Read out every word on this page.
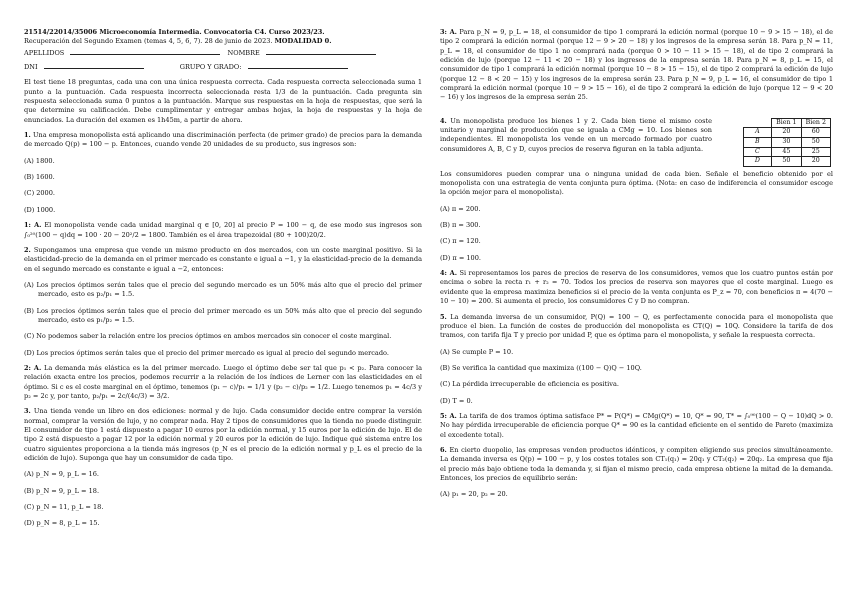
21514/22014/35006 Microeconomía Intermedia. Convocatoria C4. Curso 2023/23.

Recuperación del Segundo Examen (temas 4, 5, 6, 7). 28 de junio de 2023. MODALIDAD 0.

APELLIDOS	NOMBRE

DNI	GRUPO Y GRADO:

El test tiene 18 preguntas, cada una con una única respuesta correcta. Cada respuesta correcta seleccionada suma 1 punto a la puntuación. Cada respuesta incorrecta seleccionada resta 1/3 de la puntuación. Cada pregunta sin respuesta seleccionada suma 0 puntos a la puntuación. Marque sus respuestas en la hoja de respuestas, que será la que determine su calificación. Debe cumplimentar y entregar ambas hojas, la hoja de respuestas y la hoja de enunciados. La duración del examen es 1h45m, a partir de ahora.

1. Una empresa monopolista está aplicando una discriminación perfecta (de primer grado) de precios para la demanda de mercado Q(p) = 100 − p. Entonces, cuando vende 20 unidades de su producto, sus ingresos son:

(A) 1800.

(B) 1600.

(C) 2000.

(D) 1000.

1: A. El monopolista vende cada unidad marginal q ∈ [0, 20] al precio P = 100 − q, de ese modo sus ingresos son ∫₀²⁰(100 − q)dq = 100 · 20 − 20²/2 = 1800. También es el área trapezoidal (80 + 100)20/2.

2. Supongamos una empresa que vende un mismo producto en dos mercados, con un coste marginal positivo. Si la elasticidad-precio de la demanda en el primer mercado es constante e igual a −1, y la elasticidad-precio de la demanda en el segundo mercado es constante e igual a −2, entonces:

(A) Los precios óptimos serán tales que el precio del segundo mercado es un 50% más alto que el precio del primer mercado, esto es p₂/p₁ = 1.5.

(B) Los precios óptimos serán tales que el precio del primer mercado es un 50% más alto que el precio del segundo mercado, esto es p₁/p₂ = 1.5.

(C) No podemos saber la relación entre los precios óptimos en ambos mercados sin conocer el coste marginal.

(D) Los precios óptimos serán tales que el precio del primer mercado es igual al precio del segundo mercado.

2: A. La demanda más elástica es la del primer mercado. Luego el óptimo debe ser tal que p₁ < p₂. Para conocer la relación exacta entre los precios, podemos recurrir a la relación de los índices de Lerner con las elasticidades en el óptimo. Si c es el coste marginal en el óptimo, tenemos (p₁ − c)/p₁ = 1/1 y (p₂ − c)/p₂ = 1/2. Luego tenemos p₁ = 4c/3 y p₂ = 2c y, por tanto, p₂/p₁ = 2c/(4c/3) = 3/2.

3. Una tienda vende un libro en dos ediciones: normal y de lujo. Cada consumidor decide entre comprar la versión normal, comprar la versión de lujo, y no comprar nada. Hay 2 tipos de consumidores que la tienda no puede distinguir. El consumidor de tipo 1 está dispuesto a pagar 10 euros por la edición normal, y 15 euros por la edición de lujo. El de tipo 2 está dispuesto a pagar 12 por la edición normal y 20 euros por la edición de lujo. Indique qué sistema entre los cuatro siguientes proporciona a la tienda más ingresos (p_N es el precio de la edición normal y p_L es el precio de la edición de lujo). Suponga que hay un consumidor de cada tipo.

(A) p_N = 9, p_L = 16.

(B) p_N = 9, p_L = 18.

(C) p_N = 11, p_L = 18.

(D) p_N = 8, p_L = 15.

3: A. Para p_N = 9, p_L = 18, el consumidor de tipo 1 comprará la edición normal (porque 10 − 9 > 15 − 18), el de tipo 2 comprará la edición normal (porque 12 − 9 > 20 − 18) y los ingresos de la empresa serán 18. Para p_N = 11, p_L = 18, el consumidor de tipo 1 no comprará nada (porque 0 > 10 − 11 > 15 − 18), el de tipo 2 comprará la edición de lujo (porque 12 − 11 < 20 − 18) y los ingresos de la empresa serán 18. Para p_N = 8, p_L = 15, el consumidor de tipo 1 comprará la edición normal (porque 10 − 8 > 15 − 15), el de tipo 2 comprará la edición de lujo (porque 12 − 8 < 20 − 15) y los ingresos de la empresa serán 23. Para p_N = 9, p_L = 16, el consumidor de tipo 1 comprará la edición normal (porque 10 − 9 > 15 − 16), el de tipo 2 comprará la edición de lujo (porque 12 − 9 < 20 − 16) y los ingresos de la empresa serán 25.

4. Un monopolista produce los bienes 1 y 2. Cada bien tiene el mismo coste unitario y marginal de producción que se iguala a CMg = 10. Los bienes son independientes. El monopolista los vende en un mercado formado por cuatro consumidores A, B, C y D, cuyos precios de reserva figuran en la tabla adjunta.

	Bien 1	Bien 2
A	20	60
B	30	50
C	45	25
D	50	20

Los consumidores pueden comprar una o ninguna unidad de cada bien. Señale el beneficio obtenido por el monopolista con una estrategia de venta conjunta pura óptima. (Nota: en caso de indiferencia el consumidor escoge la opción mejor para el monopolista).

(A) π = 200.

(B) π = 300.

(C) π = 120.

(D) π = 100.

4: A. Si representamos los pares de precios de reserva de los consumidores, vemos que los cuatro puntos están por encima o sobre la recta r₁ + r₂ = 70. Todos los precios de reserva son mayores que el coste marginal. Luego es evidente que la empresa maximiza beneficios si el precio de la venta conjunta es P_z = 70, con beneficios π = 4(70 − 10 − 10) = 200. Si aumenta el precio, los consumidores C y D no compran.

5. La demanda inversa de un consumidor, P(Q) = 100 − Q, es perfectamente conocida para el monopolista que produce el bien. La función de costes de producción del monopolista es CT(Q) = 10Q. Considere la tarifa de dos tramos, con tarifa fija T y precio por unidad P, que es óptima para el monopolista, y señale la respuesta correcta.

(A) Se cumple P = 10.

(B) Se verifica la cantidad que maximiza ((100 − Q)Q − 10Q.

(C) La pérdida irrecuperable de eficiencia es positiva.

(D) T = 0.

5: A. La tarifa de dos tramos óptima satisface P* = P(Q*) = CMg(Q*) = 10, Q* = 90, T* = ∫₀⁹⁰(100 − Q − 10)dQ > 0. No hay pérdida irrecuperable de eficiencia porque Q* = 90 es la cantidad eficiente en el sentido de Pareto (maximiza el excedente total).

6. En cierto duopolio, las empresas venden productos idénticos, y compiten eligiendo sus precios simultáneamente. La demanda inversa es Q(p) = 100 − p, y los costes totales son CT₁(q₁) = 20q₁ y CT₂(q₂) = 20q₂. La empresa que fija el precio más bajo obtiene toda la demanda y, si fijan el mismo precio, cada empresa obtiene la mitad de la demanda. Entonces, los precios de equilibrio serán:

(A) p₁ = 20, p₂ = 20.
